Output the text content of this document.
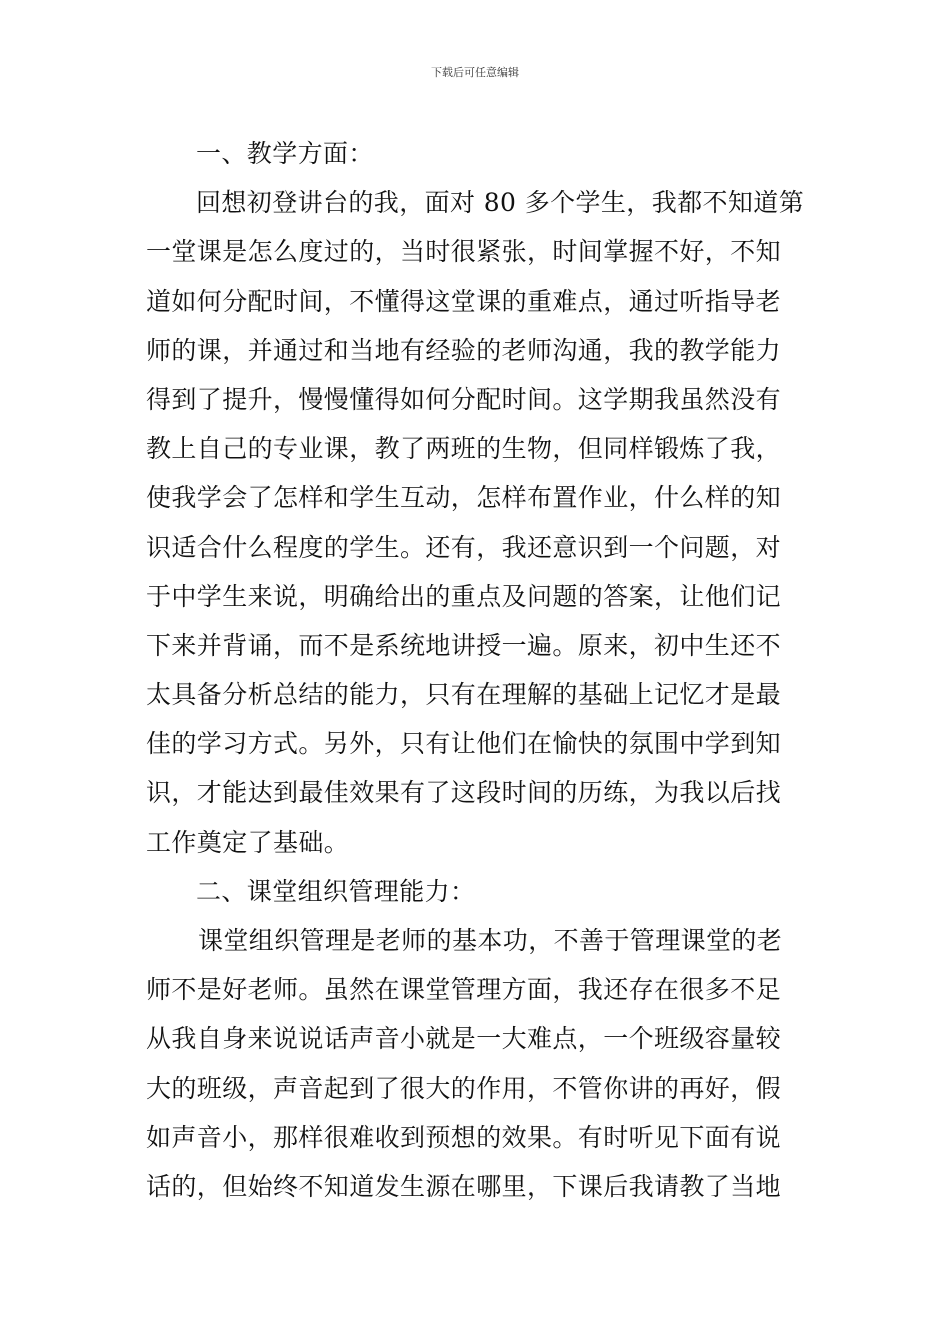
下载后可任意编辑
一、教学方面：
回想初登讲台的我，面对 80 多个学生，我都不知道第
一堂课是怎么度过的，当时很紧张，时间掌握不好，不知
道如何分配时间，不懂得这堂课的重难点，通过听指导老
师的课，并通过和当地有经验的老师沟通，我的教学能力
得到了提升，慢慢懂得如何分配时间。这学期我虽然没有
教上自己的专业课，教了两班的生物，但同样锻炼了我，
使我学会了怎样和学生互动，怎样布置作业，什么样的知
识适合什么程度的学生。还有，我还意识到一个问题，对
于中学生来说，明确给出的重点及问题的答案，让他们记
下来并背诵，而不是系统地讲授一遍。原来，初中生还不
太具备分析总结的能力，只有在理解的基础上记忆才是最
佳的学习方式。另外，只有让他们在愉快的氛围中学到知
识，才能达到最佳效果有了这段时间的历练，为我以后找
工作奠定了基础。
二、课堂组织管理能力：
课堂组织管理是老师的基本功，不善于管理课堂的老
师不是好老师。虽然在课堂管理方面，我还存在很多不足
从我自身来说说话声音小就是一大难点，一个班级容量较
大的班级，声音起到了很大的作用，不管你讲的再好，假
如声音小，那样很难收到预想的效果。有时听见下面有说
话的，但始终不知道发生源在哪里，下课后我请教了当地
